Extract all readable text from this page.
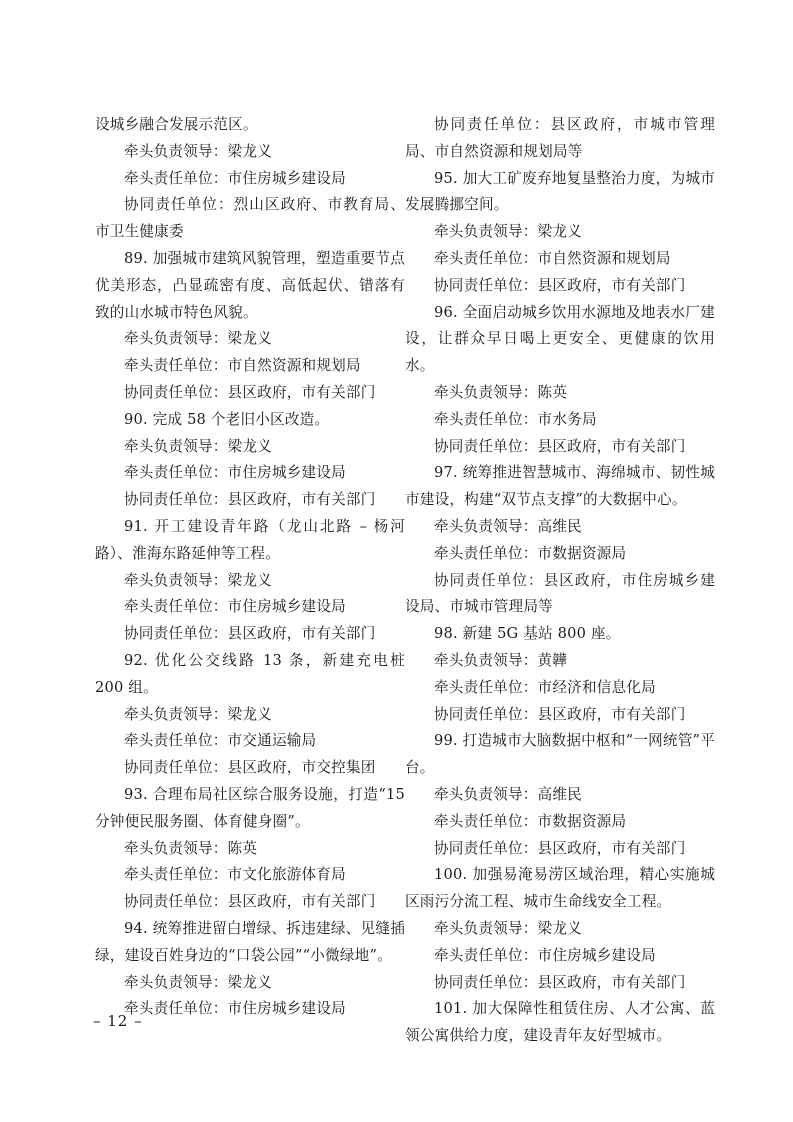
设城乡融合发展示范区。

牵头负责领导：梁龙义

牵头责任单位：市住房城乡建设局

协同责任单位：烈山区政府、市教育局、市卫生健康委

89. 加强城市建筑风貌管理，塑造重要节点优美形态，凸显疏密有度、高低起伏、错落有致的山水城市特色风貌。

牵头负责领导：梁龙义

牵头责任单位：市自然资源和规划局

协同责任单位：县区政府，市有关部门

90. 完成 58 个老旧小区改造。

牵头负责领导：梁龙义

牵头责任单位：市住房城乡建设局

协同责任单位：县区政府，市有关部门

91. 开工建设青年路（龙山北路 – 杨河路）、淮海东路延伸等工程。

牵头负责领导：梁龙义

牵头责任单位：市住房城乡建设局

协同责任单位：县区政府，市有关部门

92. 优化公交线路 13 条，新建充电桩 200 组。

牵头负责领导：梁龙义

牵头责任单位：市交通运输局

协同责任单位：县区政府，市交控集团

93. 合理布局社区综合服务设施，打造“15 分钟便民服务圈、体育健身圈”。

牵头负责领导：陈英

牵头责任单位：市文化旅游体育局

协同责任单位：县区政府，市有关部门

94. 统筹推进留白增绿、拆违建绿、见缝插绿，建设百姓身边的“口袋公园”“小微绿地”。

牵头负责领导：梁龙义

牵头责任单位：市住房城乡建设局

协同责任单位：县区政府，市城市管理局、市自然资源和规划局等

95. 加大工矿废弃地复垦整治力度，为城市发展腾挪空间。

牵头负责领导：梁龙义

牵头责任单位：市自然资源和规划局

协同责任单位：县区政府，市有关部门

96. 全面启动城乡饮用水源地及地表水厂建设，让群众早日喝上更安全、更健康的饮用水。

牵头负责领导：陈英

牵头责任单位：市水务局

协同责任单位：县区政府，市有关部门

97. 统筹推进智慧城市、海绵城市、韧性城市建设，构建“双节点支撑”的大数据中心。

牵头负责领导：高维民

牵头责任单位：市数据资源局

协同责任单位：县区政府，市住房城乡建设局、市城市管理局等

98. 新建 5G 基站 800 座。

牵头负责领导：黄韡

牵头责任单位：市经济和信息化局

协同责任单位：县区政府，市有关部门

99. 打造城市大脑数据中枢和“一网统管”平台。

牵头负责领导：高维民

牵头责任单位：市数据资源局

协同责任单位：县区政府，市有关部门

100. 加强易淹易涝区域治理，精心实施城区雨污分流工程、城市生命线安全工程。

牵头负责领导：梁龙义

牵头责任单位：市住房城乡建设局

协同责任单位：县区政府，市有关部门

101. 加大保障性租赁住房、人才公寓、蓝领公寓供给力度，建设青年友好型城市。

– 12 –
